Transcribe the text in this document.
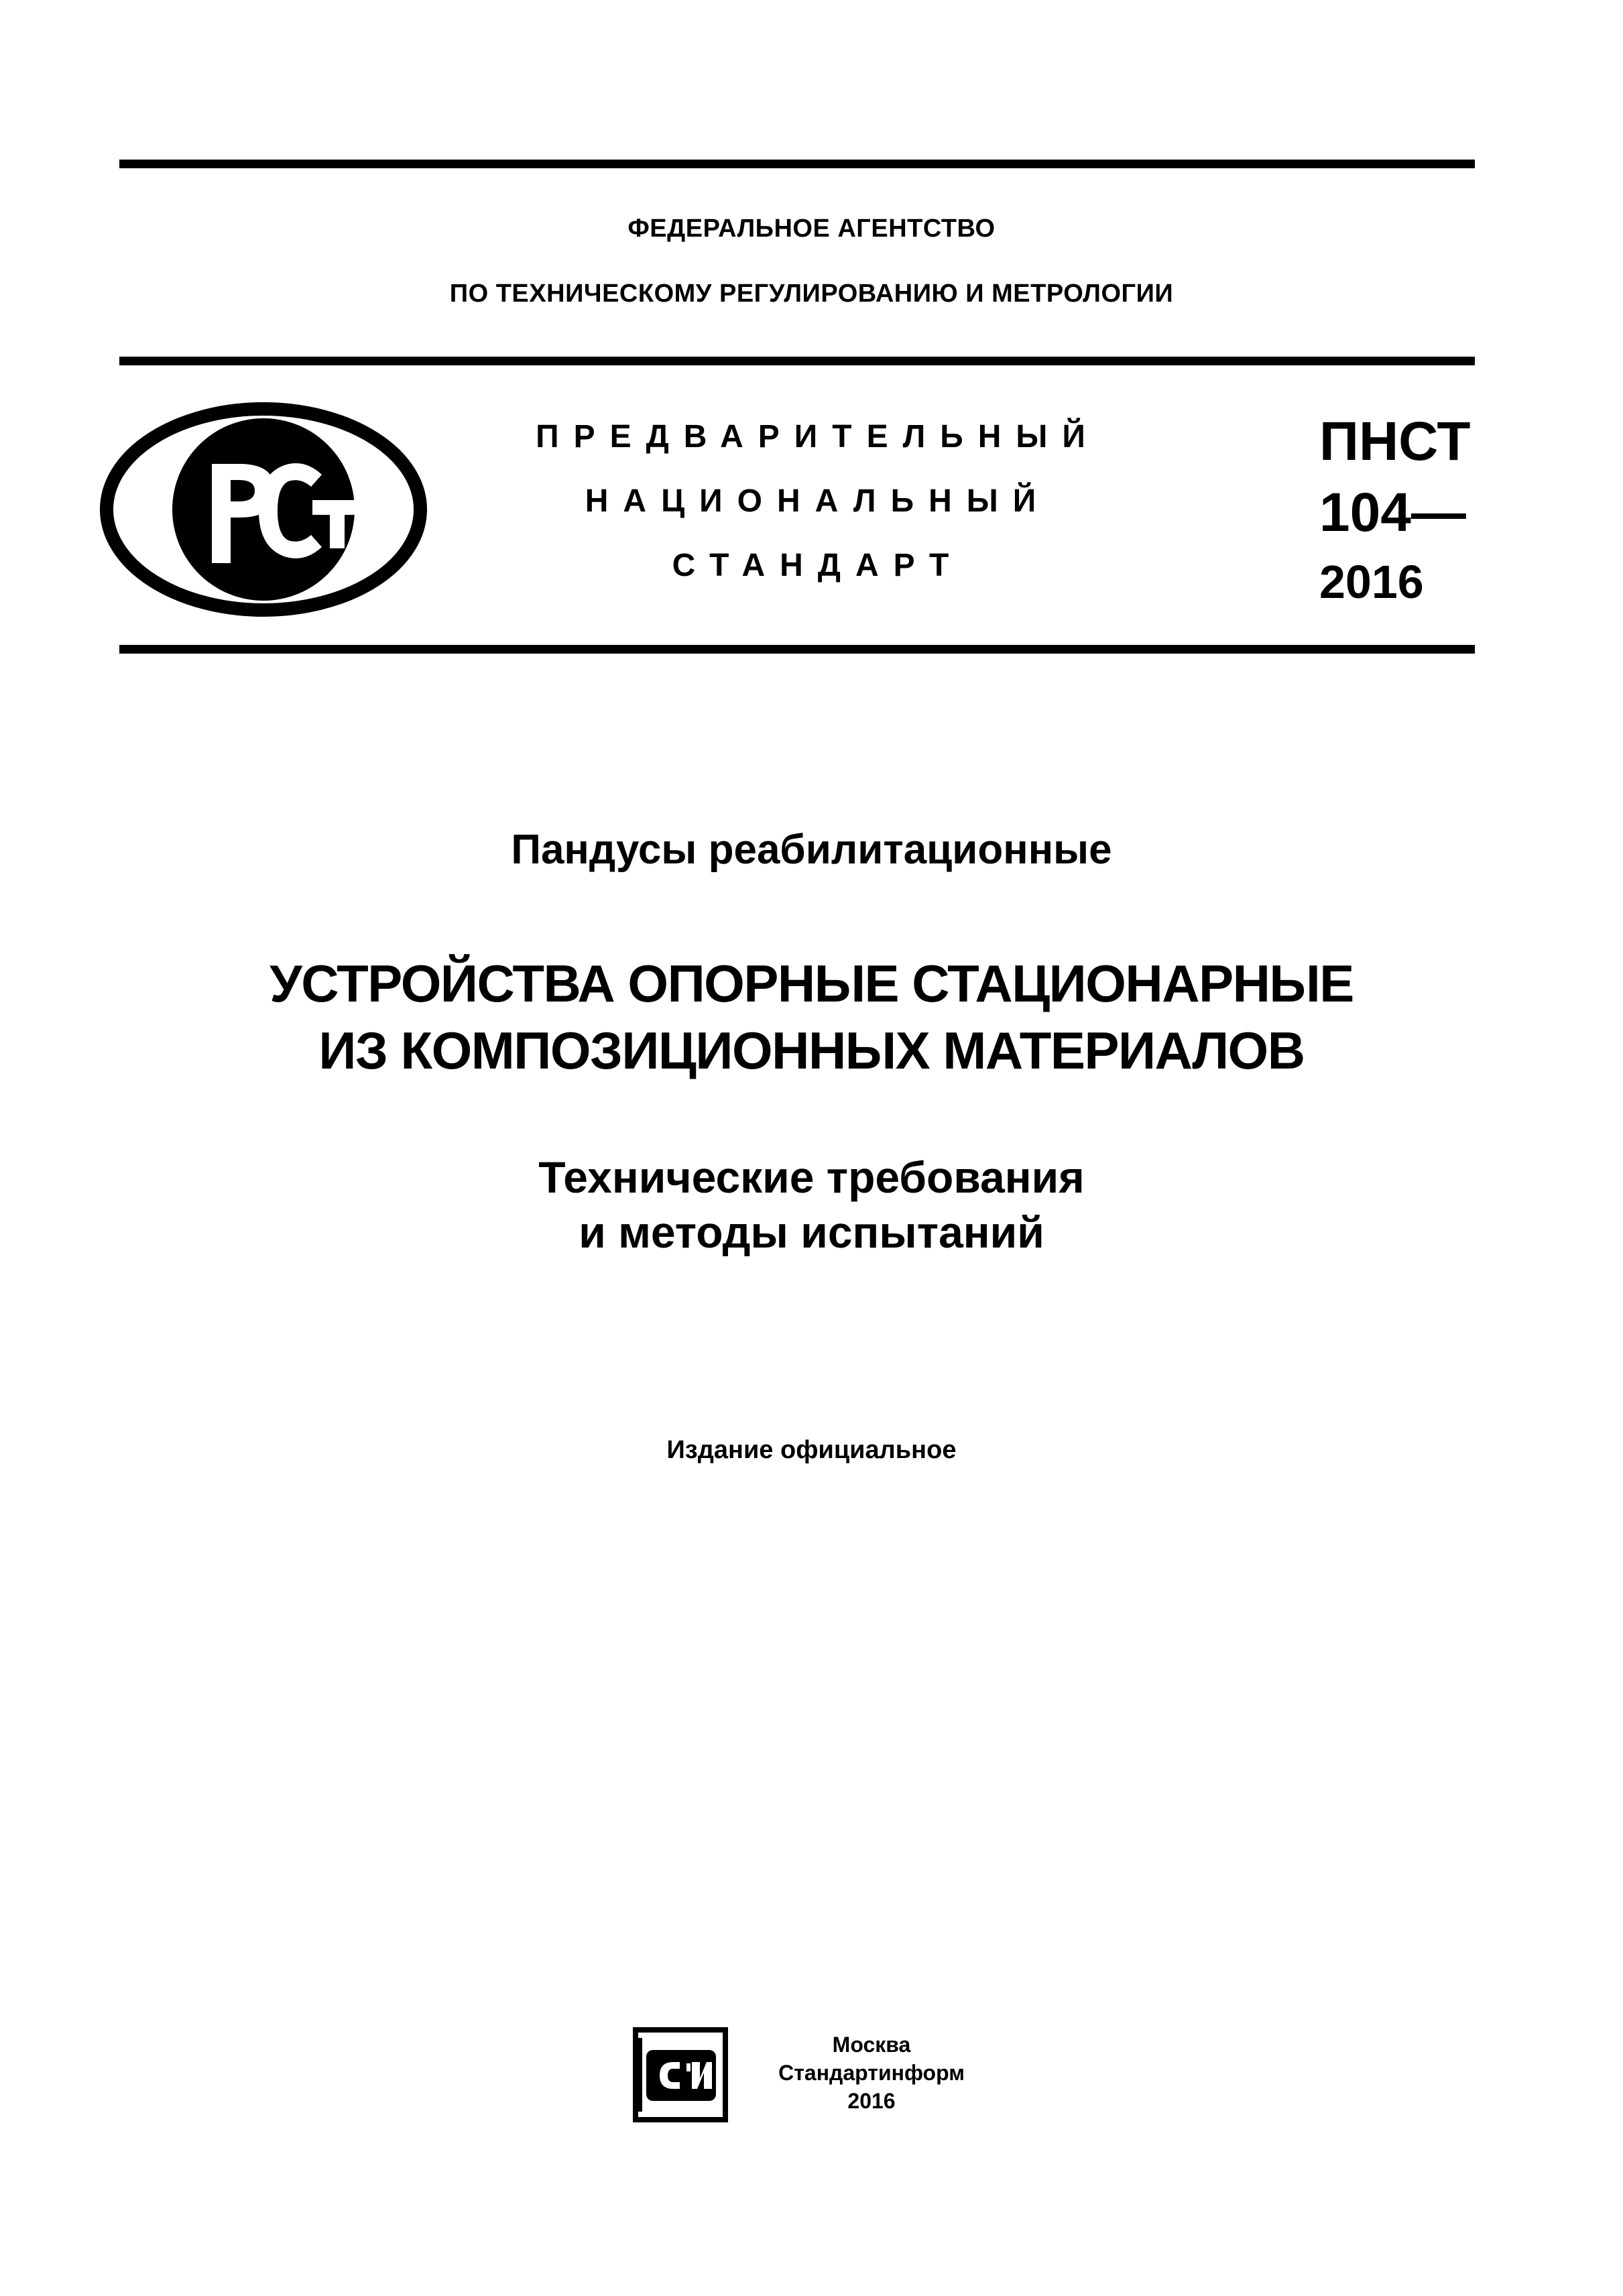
ФЕДЕРАЛЬНОЕ АГЕНТСТВО
ПО ТЕХНИЧЕСКОМУ РЕГУЛИРОВАНИЮ И МЕТРОЛОГИИ
ПРЕДВАРИТЕЛЬНЫЙ
НАЦИОНАЛЬНЫЙ
СТАНДАРТ
ПНСТ
104—
2016
Пандусы реабилитационные
УСТРОЙСТВА ОПОРНЫЕ СТАЦИОНАРНЫЕ
ИЗ КОМПОЗИЦИОННЫХ МАТЕРИАЛОВ
Технические требования
и методы испытаний
Издание официальное
Москва
Стандартинформ
2016
